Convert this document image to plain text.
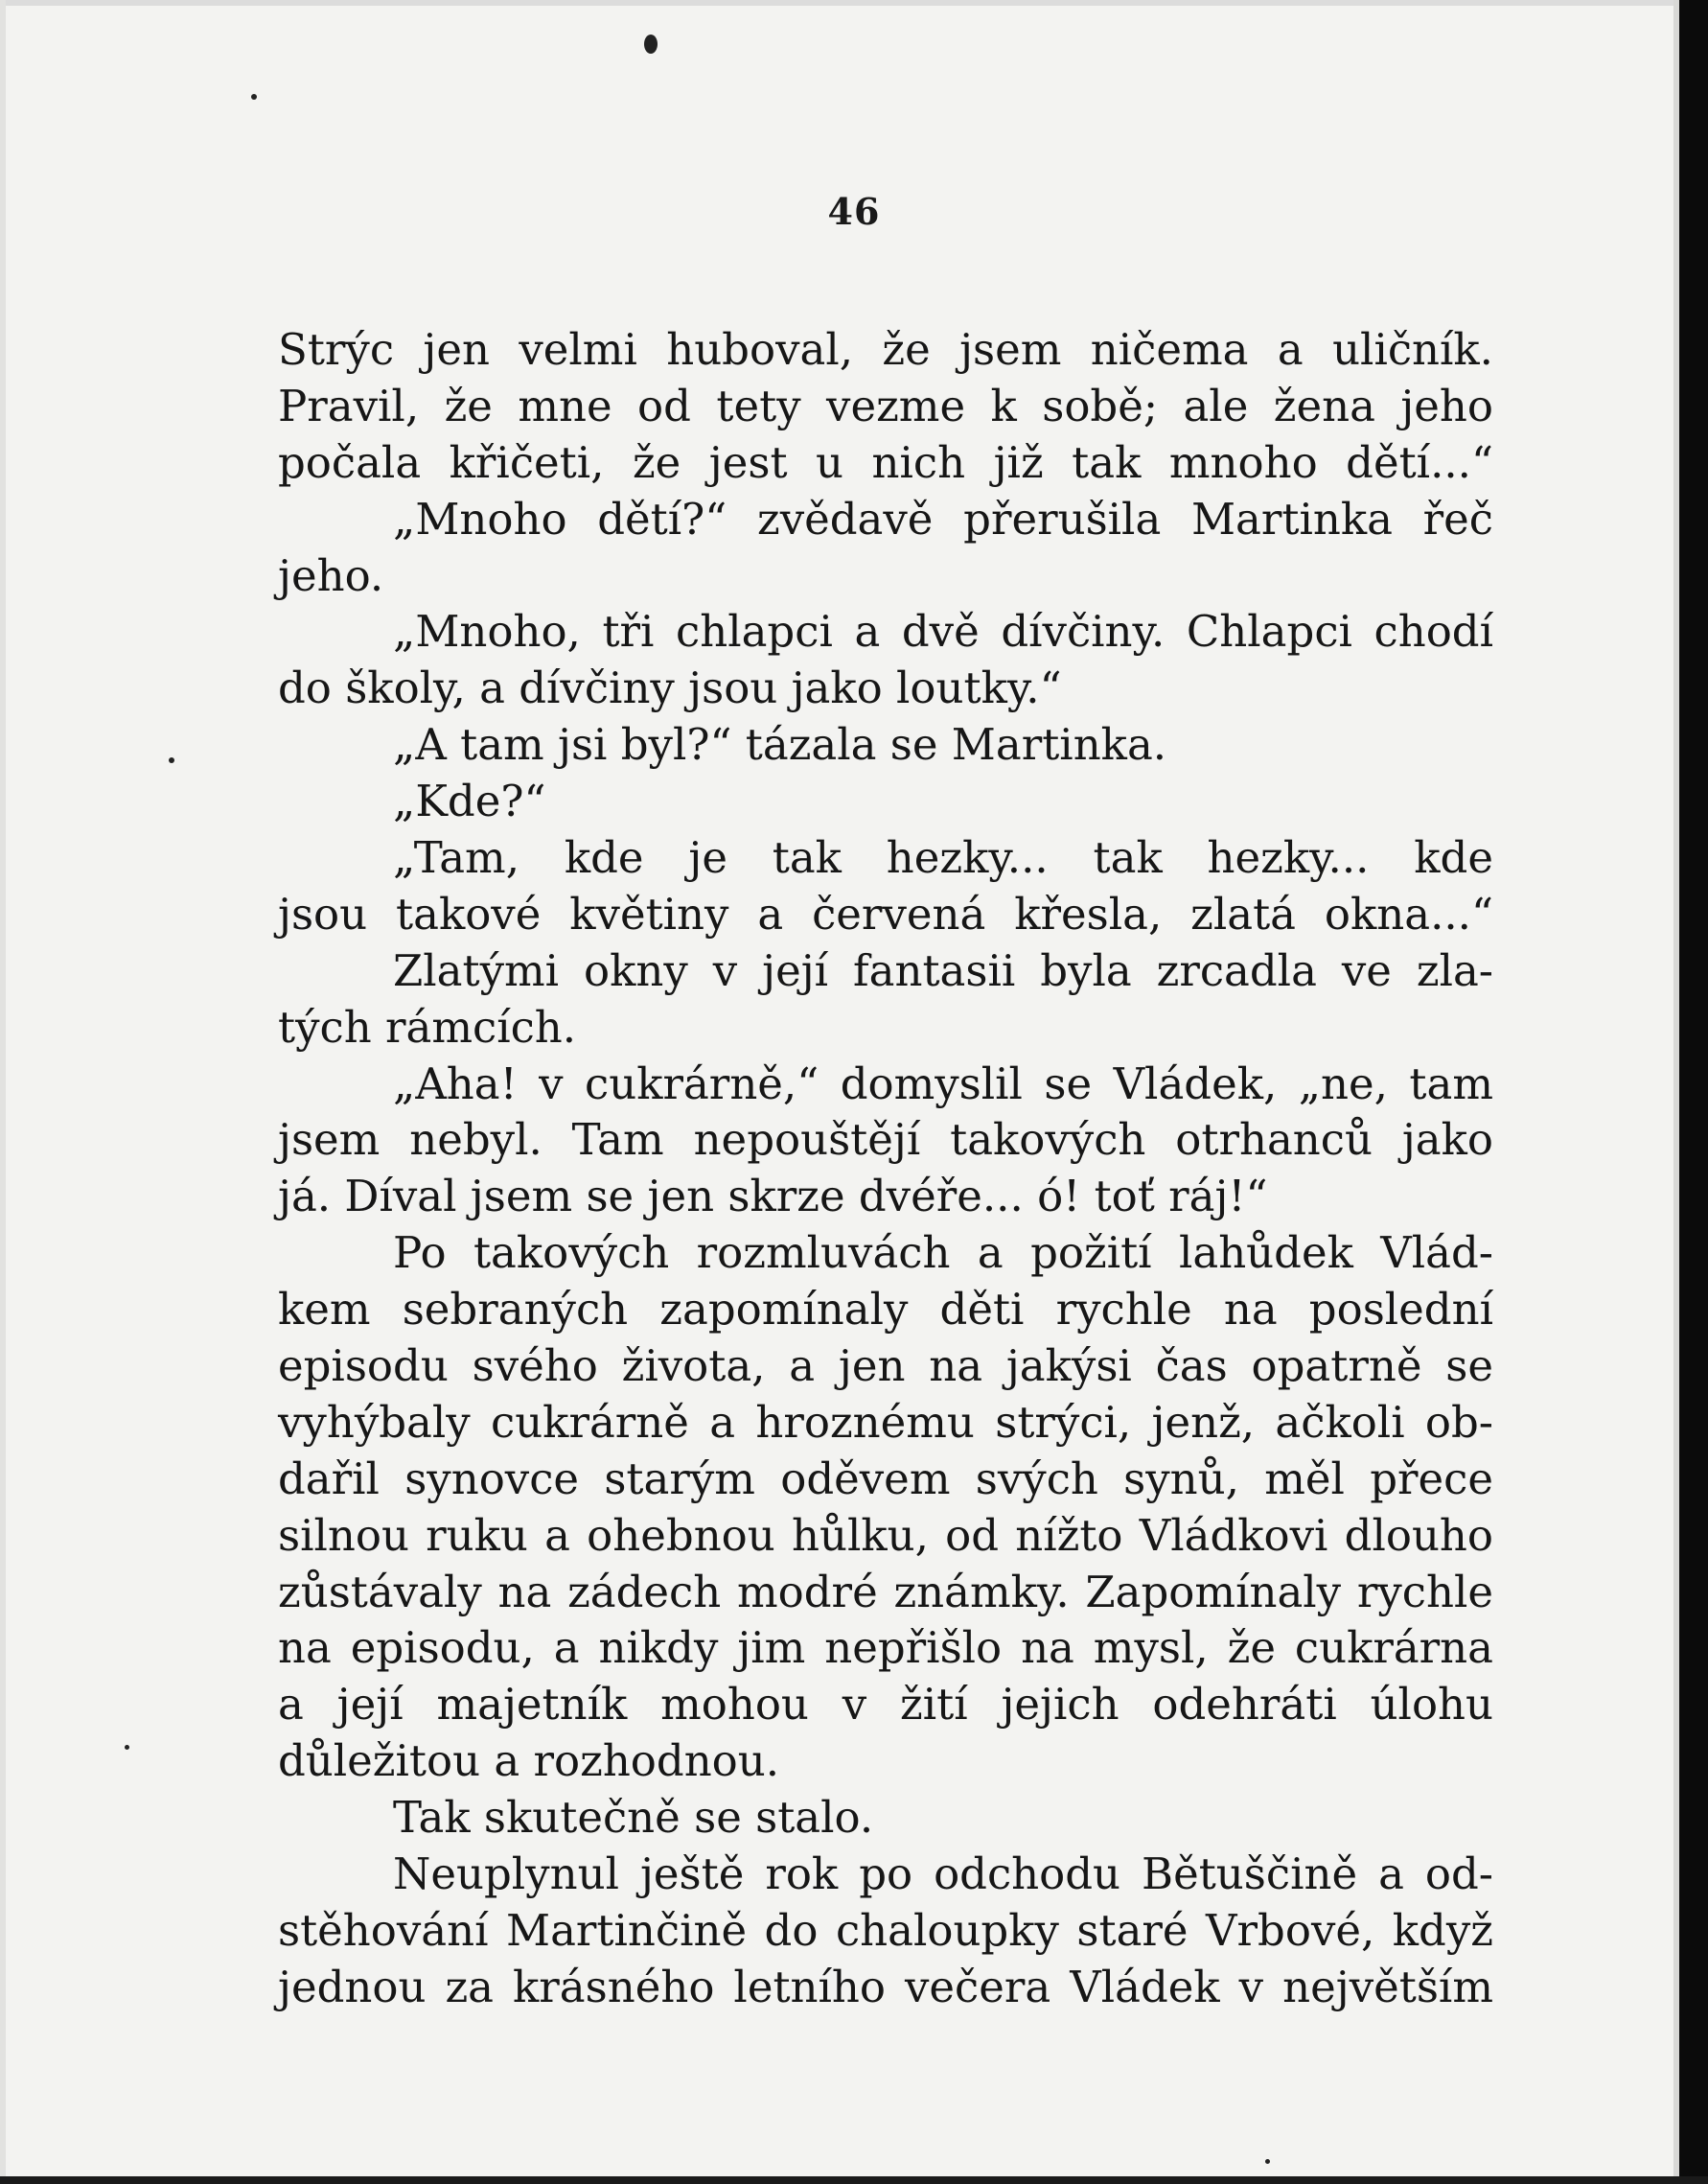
46
Strýc jen velmi huboval, že jsem ničema a uličník.
Pravil, že mne od tety vezme k sobě; ale žena jeho
počala křičeti, že jest u nich již tak mnoho dětí...“
„Mnoho dětí?“ zvědavě přerušila Martinka řeč
jeho.
„Mnoho, tři chlapci a dvě dívčiny. Chlapci chodí
do školy, a dívčiny jsou jako loutky.“
„A tam jsi byl?“ tázala se Martinka.
„Kde?“
„Tam, kde je tak hezky... tak hezky... kde
jsou takové květiny a červená křesla, zlatá okna...“
Zlatými okny v její fantasii byla zrcadla ve zla-
tých rámcích.
„Aha! v cukrárně,“ domyslil se Vládek, „ne, tam
jsem nebyl. Tam nepouštějí takových otrhanců jako
já. Díval jsem se jen skrze dvéře... ó! toť ráj!“
Po takových rozmluvách a požití lahůdek Vlád-
kem sebraných zapomínaly děti rychle na poslední
episodu svého života, a jen na jakýsi čas opatrně se
vyhýbaly cukrárně a hroznému strýci, jenž, ačkoli ob-
dařil synovce starým oděvem svých synů, měl přece
silnou ruku a ohebnou hůlku, od nížto Vládkovi dlouho
zůstávaly na zádech modré známky. Zapomínaly rychle
na episodu, a nikdy jim nepřišlo na mysl, že cukrárna
a její majetník mohou v žití jejich odehráti úlohu
důležitou a rozhodnou.
Tak skutečně se stalo.
Neuplynul ještě rok po odchodu Bětuščině a od-
stěhování Martinčině do chaloupky staré Vrbové, když
jednou za krásného letního večera Vládek v největším
